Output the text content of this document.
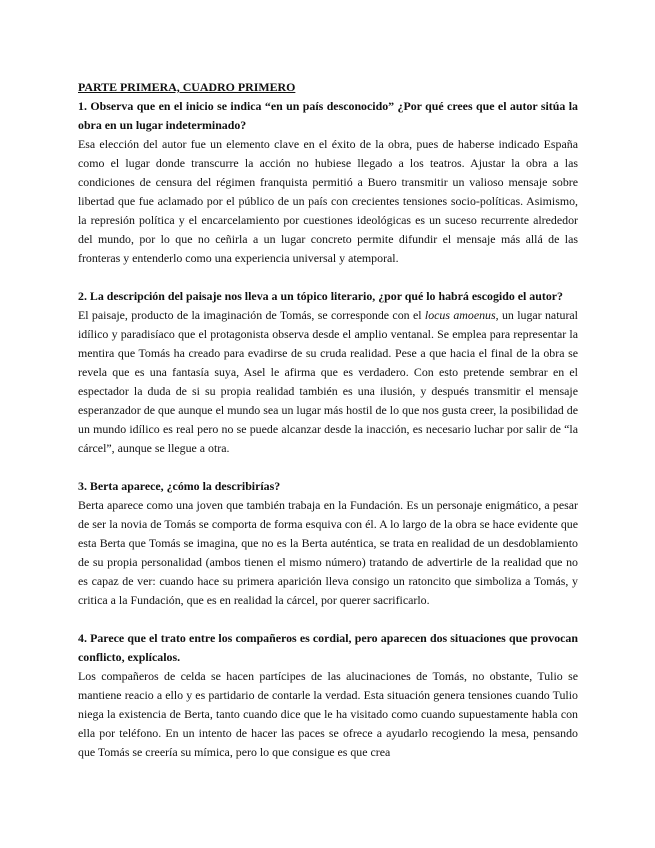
PARTE PRIMERA, CUADRO PRIMERO

1. Observa que en el inicio se indica “en un país desconocido” ¿Por qué crees que el autor sitúa la obra en un lugar indeterminado?

Esa elección del autor fue un elemento clave en el éxito de la obra, pues de haberse indicado España como el lugar donde transcurre la acción no hubiese llegado a los teatros. Ajustar la obra a las condiciones de censura del régimen franquista permitió a Buero transmitir un valioso mensaje sobre libertad que fue aclamado por el público de un país con crecientes tensiones socio-políticas. Asimismo, la represión política y el encarcelamiento por cuestiones ideológicas es un suceso recurrente alrededor del mundo, por lo que no ceñirla a un lugar concreto permite difundir el mensaje más allá de las fronteras y entenderlo como una experiencia universal y atemporal.

2. La descripción del paisaje nos lleva a un tópico literario, ¿por qué lo habrá escogido el autor?

El paisaje, producto de la imaginación de Tomás, se corresponde con el locus amoenus, un lugar natural idílico y paradisíaco que el protagonista observa desde el amplio ventanal. Se emplea para representar la mentira que Tomás ha creado para evadirse de su cruda realidad. Pese a que hacia el final de la obra se revela que es una fantasía suya, Asel le afirma que es verdadero. Con esto pretende sembrar en el espectador la duda de si su propia realidad también es una ilusión, y después transmitir el mensaje esperanzador de que aunque el mundo sea un lugar más hostil de lo que nos gusta creer, la posibilidad de un mundo idílico es real pero no se puede alcanzar desde la inacción, es necesario luchar por salir de “la cárcel”, aunque se llegue a otra.

3. Berta aparece, ¿cómo la describirías?

Berta aparece como una joven que también trabaja en la Fundación. Es un personaje enigmático, a pesar de ser la novia de Tomás se comporta de forma esquiva con él. A lo largo de la obra se hace evidente que esta Berta que Tomás se imagina, que no es la Berta auténtica, se trata en realidad de un desdoblamiento de su propia personalidad (ambos tienen el mismo número) tratando de advertirle de la realidad que no es capaz de ver: cuando hace su primera aparición lleva consigo un ratoncito que simboliza a Tomás, y critica a la Fundación, que es en realidad la cárcel, por querer sacrificarlo.

4. Parece que el trato entre los compañeros es cordial, pero aparecen dos situaciones que provocan conflicto, explícalos.

Los compañeros de celda se hacen partícipes de las alucinaciones de Tomás, no obstante, Tulio se mantiene reacio a ello y es partidario de contarle la verdad. Esta situación genera tensiones cuando Tulio niega la existencia de Berta, tanto cuando dice que le ha visitado como cuando supuestamente habla con ella por teléfono. En un intento de hacer las paces se ofrece a ayudarlo recogiendo la mesa, pensando que Tomás se creería su mímica, pero lo que consigue es que crea
